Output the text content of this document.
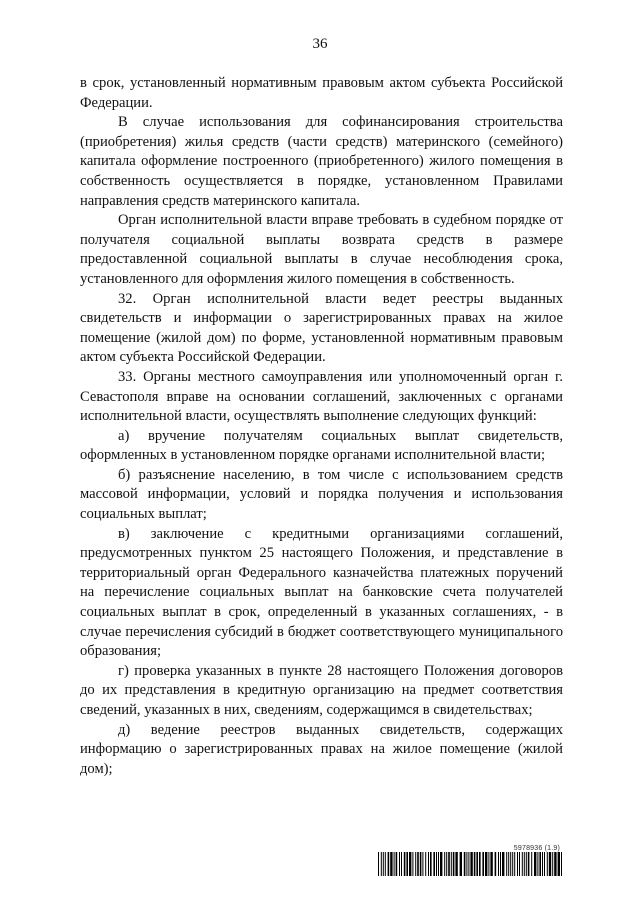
36

в срок, установленный нормативным правовым актом субъекта Российской Федерации.

В случае использования для софинансирования строительства (приобретения) жилья средств (части средств) материнского (семейного) капитала оформление построенного (приобретенного) жилого помещения в собственность осуществляется в порядке, установленном Правилами направления средств материнского капитала.

Орган исполнительной власти вправе требовать в судебном порядке от получателя социальной выплаты возврата средств в размере предоставленной социальной выплаты в случае несоблюдения срока, установленного для оформления жилого помещения в собственность.

32. Орган исполнительной власти ведет реестры выданных свидетельств и информации о зарегистрированных правах на жилое помещение (жилой дом) по форме, установленной нормативным правовым актом субъекта Российской Федерации.

33. Органы местного самоуправления или уполномоченный орган г. Севастополя вправе на основании соглашений, заключенных с органами исполнительной власти, осуществлять выполнение следующих функций:

а) вручение получателям социальных выплат свидетельств, оформленных в установленном порядке органами исполнительной власти;

б) разъяснение населению, в том числе с использованием средств массовой информации, условий и порядка получения и использования социальных выплат;

в) заключение с кредитными организациями соглашений, предусмотренных пунктом 25 настоящего Положения, и представление в территориальный орган Федерального казначейства платежных поручений на перечисление социальных выплат на банковские счета получателей социальных выплат в срок, определенный в указанных соглашениях, - в случае перечисления субсидий в бюджет соответствующего муниципального образования;

г) проверка указанных в пункте 28 настоящего Положения договоров до их представления в кредитную организацию на предмет соответствия сведений, указанных в них, сведениям, содержащимся в свидетельствах;

д) ведение реестров выданных свидетельств, содержащих информацию о зарегистрированных правах на жилое помещение (жилой дом);

5978936 (1.9)
